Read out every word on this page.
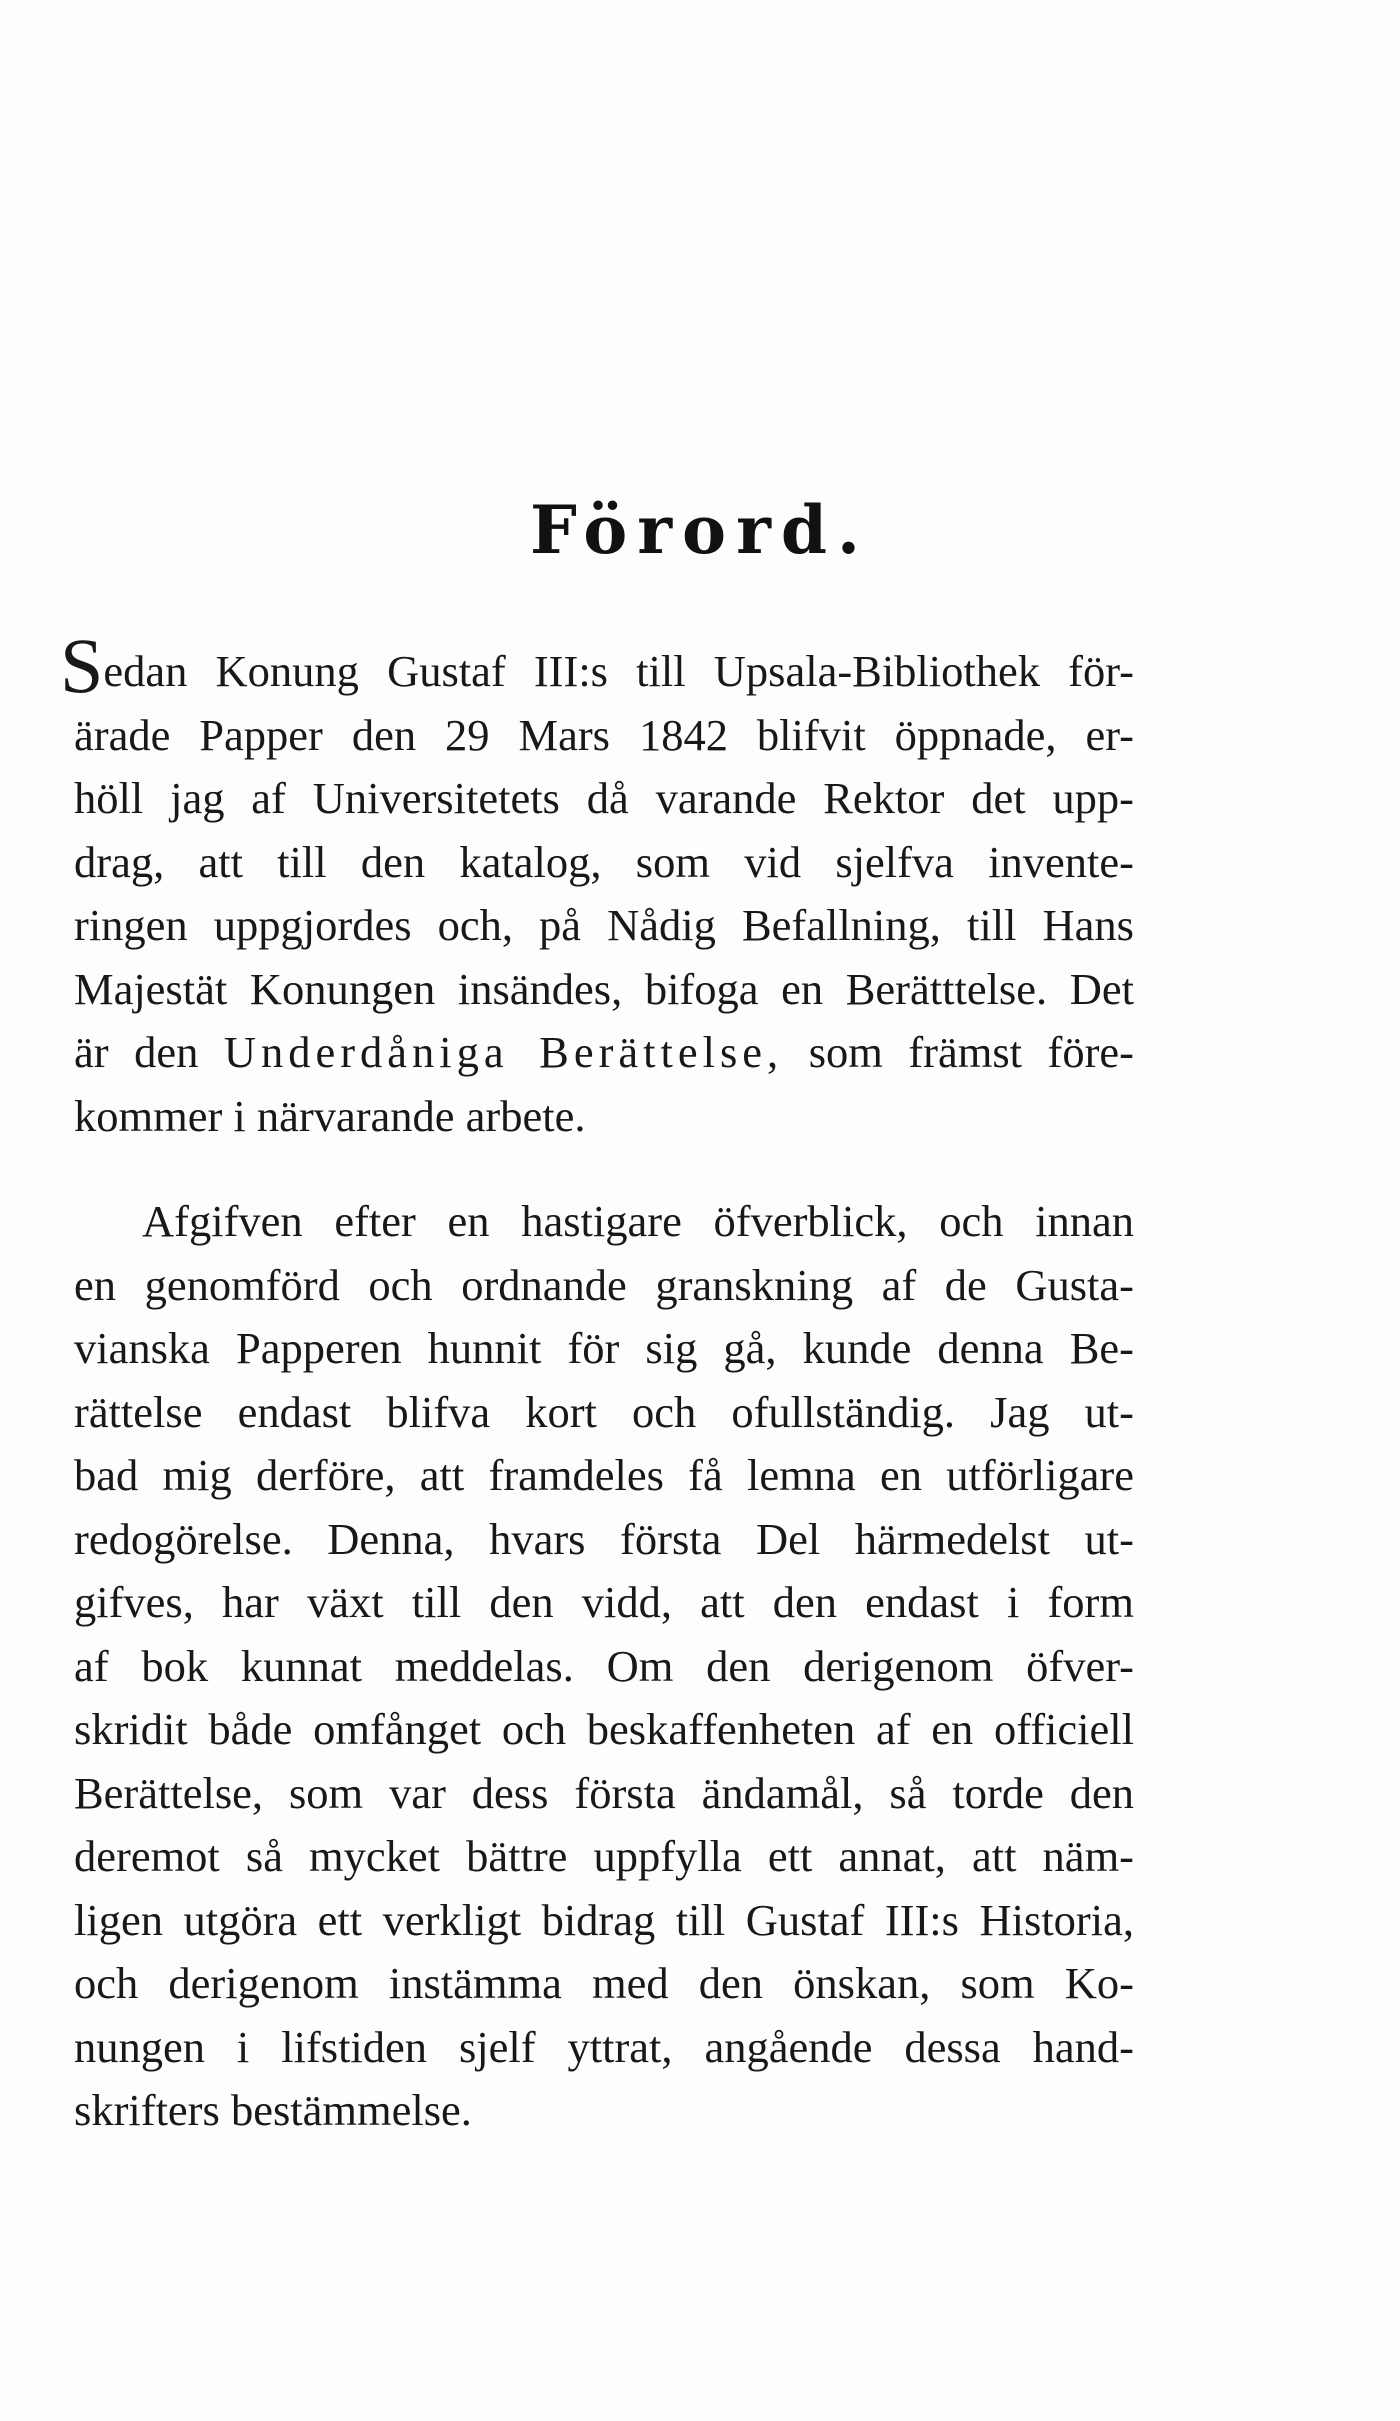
Förord.
Sedan Konung Gustaf III:s till Upsala-Bibliothek för-
ärade Papper den 29 Mars 1842 blifvit öppnade, er-
höll jag af Universitetets då varande Rektor det upp-
drag, att till den katalog, som vid sjelfva invente-
ringen uppgjordes och, på Nådig Befallning, till Hans
Majestät Konungen insändes, bifoga en Berätttelse. Det
är den Underdåniga Berättelse, som främst före-
kommer i närvarande arbete.
Afgifven efter en hastigare öfverblick, och innan
en genomförd och ordnande granskning af de Gusta-
vianska Papperen hunnit för sig gå, kunde denna Be-
rättelse endast blifva kort och ofullständig. Jag ut-
bad mig derföre, att framdeles få lemna en utförligare
redogörelse. Denna, hvars första Del härmedelst ut-
gifves, har växt till den vidd, att den endast i form
af bok kunnat meddelas. Om den derigenom öfver-
skridit både omfånget och beskaffenheten af en officiell
Berättelse, som var dess första ändamål, så torde den
deremot så mycket bättre uppfylla ett annat, att näm-
ligen utgöra ett verkligt bidrag till Gustaf III:s Historia,
och derigenom instämma med den önskan, som Ko-
nungen i lifstiden sjelf yttrat, angående dessa hand-
skrifters bestämmelse.
